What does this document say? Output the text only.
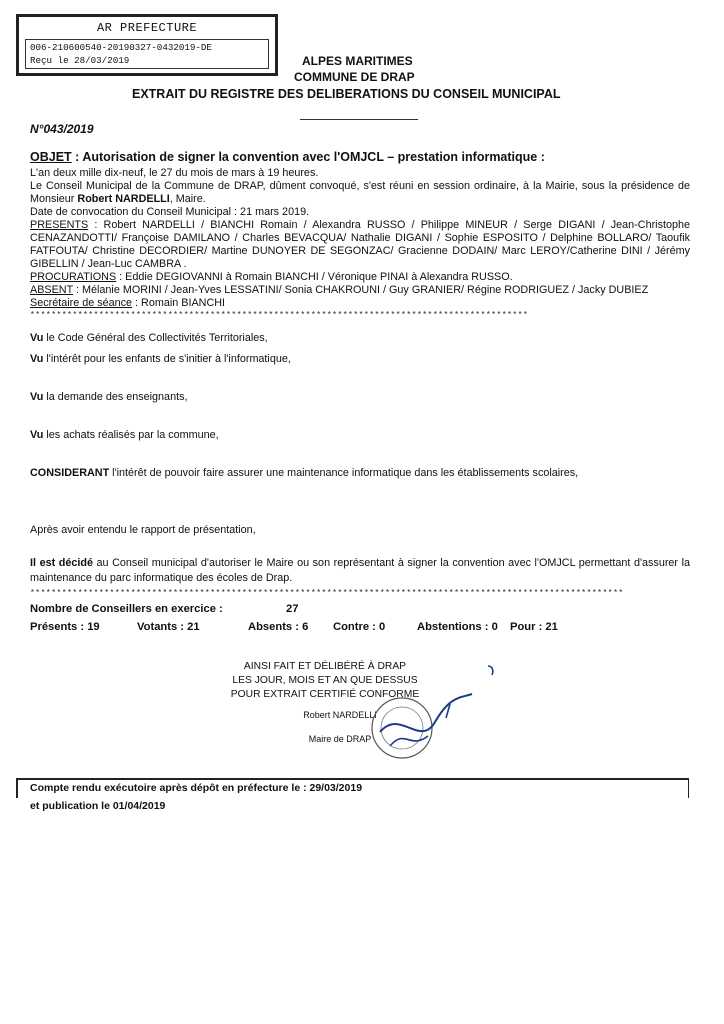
AR PREFECTURE
006-210600540-20190327-0432019-DE
Reçu le 28/03/2019	ALPES MARITIMES
COMMUNE DE DRAP
EXTRAIT DU REGISTRE DES DELIBERATIONS DU CONSEIL MUNICIPAL
N°043/2019
OBJET : Autorisation de signer la convention avec l'OMJCL – prestation informatique :
L'an deux mille dix-neuf, le 27 du mois de mars à 19 heures.
Le Conseil Municipal de la Commune de DRAP, dûment convoqué, s'est réuni en session ordinaire, à la Mairie, sous la présidence de Monsieur Robert NARDELLI, Maire.
Date de convocation du Conseil Municipal : 21 mars 2019.
PRESENTS : Robert NARDELLI / BIANCHI Romain / Alexandra RUSSO / Philippe MINEUR / Serge DIGANI / Jean-Christophe CENAZANDOTTI/ Françoise DAMILANO / Charles BEVACQUA/ Nathalie DIGANI / Sophie ESPOSITO / Delphine BOLLARO/ Taoufik FATFOUTA/ Christine DECORDIER/ Martine DUNOYER DE SEGONZAC/ Gracienne DODAIN/ Marc LEROY/Catherine DINI / Jérémy GIBELLIN / Jean-Luc CAMBRA .
PROCURATIONS : Eddie DEGIOVANNI à Romain BIANCHI / Véronique PINAI à Alexandra RUSSO.
ABSENT : Mélanie MORINI / Jean-Yves LESSATINI/ Sonia CHAKROUNI / Guy GRANIER/ Régine RODRIGUEZ / Jacky DUBIEZ
Secrétaire de séance : Romain BIANCHI
**********************************************************************************************
Vu le Code Général des Collectivités Territoriales,
Vu l'intérêt pour les enfants de s'initier à l'informatique,
Vu la demande des enseignants,
Vu les achats réalisés par la commune,
CONSIDERANT l'intérêt de pouvoir faire assurer une maintenance informatique dans les établissements scolaires,
Après avoir entendu le rapport de présentation,
Il est décidé au Conseil municipal d'autoriser le Maire ou son représentant à signer la convention avec l'OMJCL permettant d'assurer la maintenance du parc informatique des écoles de Drap.
****************************************************************************************************************
Nombre de Conseillers en exercice :	27
Présents : 19	Votants : 21	Absents : 6 Contre : 0	Abstentions : 0 Pour : 21
AINSI FAIT ET DÉLIBÉRÉ À DRAP
LES JOUR, MOIS ET AN QUE DESSUS
POUR EXTRAIT CERTIFIÉ CONFORME
Robert NARDELLI
Maire de DRAP
Compte rendu exécutoire après dépôt en préfecture le : 29/03/2019
et publication le 01/04/2019
